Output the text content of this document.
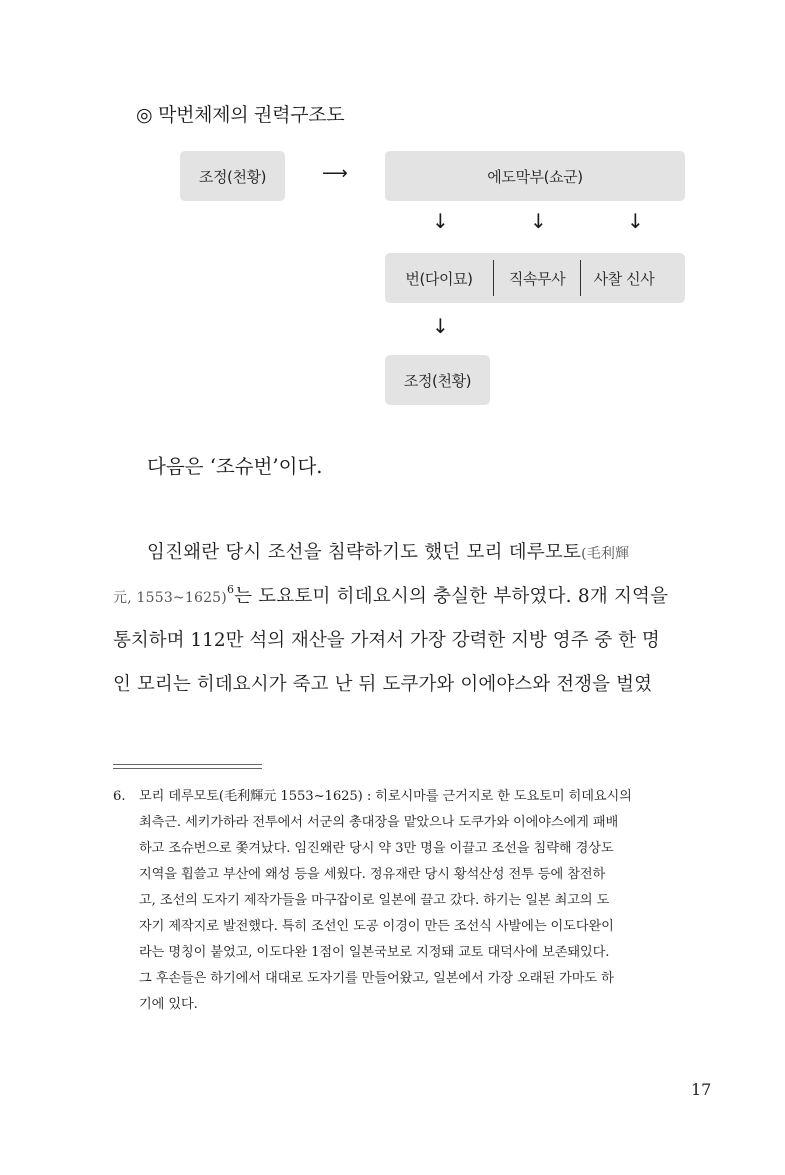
◎ 막번체제의 권력구조도
조정(천황)	⟶	에도막부(쇼군)
↓	↓	↓
번(다이묘) 직속무사 사찰 신사
↓
조정(천황)
다음은 ‘조슈번’이다.
임진왜란 당시 조선을 침략하기도 했던 모리 데루모토(毛利輝
元, 1553~1625)$^6$는 도요토미 히데요시의 충실한 부하였다. 8개 지역을
통치하며 112만 석의 재산을 가져서 가장 강력한 지방 영주 중 한 명
인 모리는 히데요시가 죽고 난 뒤 도쿠가와 이에야스와 전쟁을 벌였
6. 모리 데루모토(毛利輝元 1553~1625) : 히로시마를 근거지로 한 도요토미 히데요시의
최측근. 세키가하라 전투에서 서군의 총대장을 맡았으나 도쿠가와 이에야스에게 패배
하고 조슈번으로 쫓겨났다. 임진왜란 당시 약 3만 명을 이끌고 조선을 침략해 경상도
지역을 휩쓸고 부산에 왜성 등을 세웠다. 정유재란 당시 황석산성 전투 등에 참전하
고, 조선의 도자기 제작가들을 마구잡이로 일본에 끌고 갔다. 하기는 일본 최고의 도
자기 제작지로 발전했다. 특히 조선인 도공 이경이 만든 조선식 사발에는 이도다완이
라는 명칭이 붙었고, 이도다완 1점이 일본국보로 지정돼 교토 대덕사에 보존돼있다.
그 후손들은 하기에서 대대로 도자기를 만들어왔고, 일본에서 가장 오래된 가마도 하
기에 있다.
17
